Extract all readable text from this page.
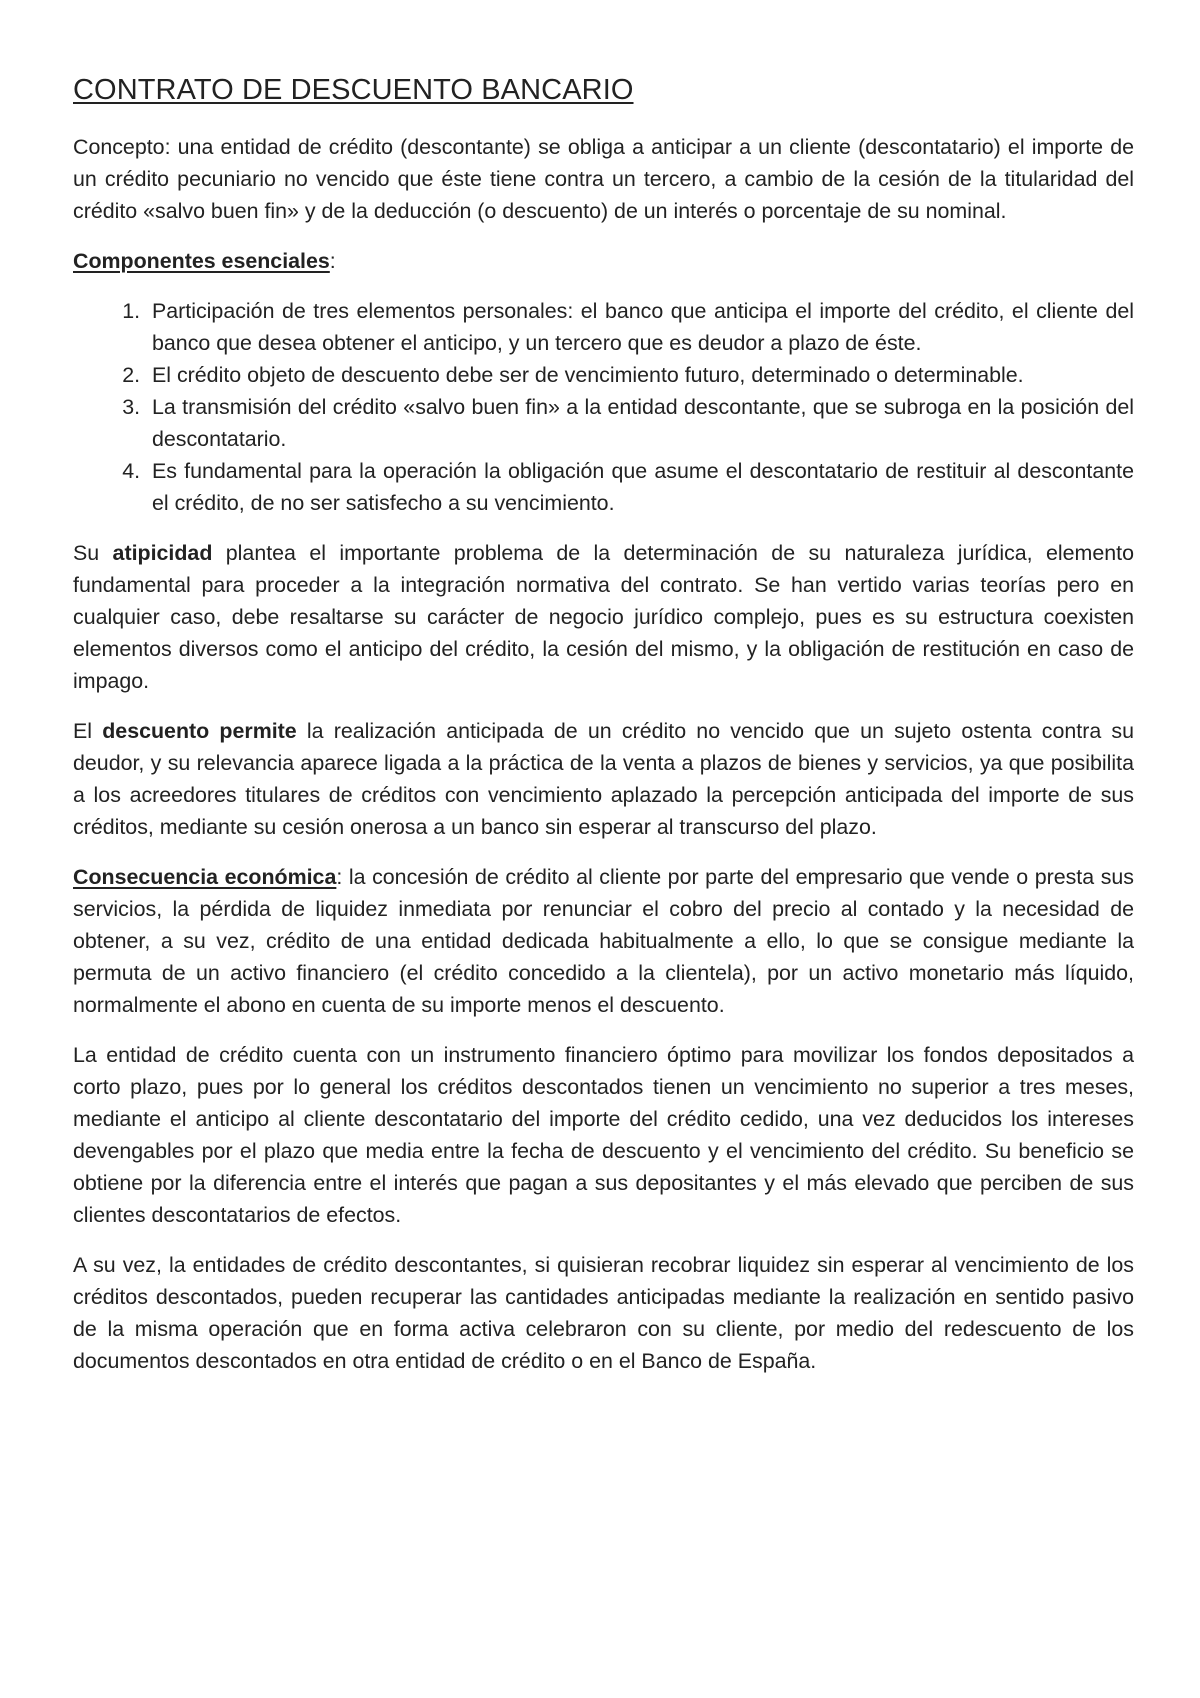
CONTRATO DE DESCUENTO BANCARIO

Concepto: una entidad de crédito (descontante) se obliga a anticipar a un cliente (descontatario) el importe de un crédito pecuniario no vencido que éste tiene contra un tercero, a cambio de la cesión de la titularidad del crédito «salvo buen fin» y de la deducción (o descuento) de un interés o porcentaje de su nominal.

Componentes esenciales:

1. Participación de tres elementos personales: el banco que anticipa el importe del crédito, el cliente del banco que desea obtener el anticipo, y un tercero que es deudor a plazo de éste.
2. El crédito objeto de descuento debe ser de vencimiento futuro, determinado o determinable.
3. La transmisión del crédito «salvo buen fin» a la entidad descontante, que se subroga en la posición del descontatario.
4. Es fundamental para la operación la obligación que asume el descontatario de restituir al descontante el crédito, de no ser satisfecho a su vencimiento.

Su atipicidad plantea el importante problema de la determinación de su naturaleza jurídica, elemento fundamental para proceder a la integración normativa del contrato. Se han vertido varias teorías pero en cualquier caso, debe resaltarse su carácter de negocio jurídico complejo, pues es su estructura coexisten elementos diversos como el anticipo del crédito, la cesión del mismo, y la obligación de restitución en caso de impago.

El descuento permite la realización anticipada de un crédito no vencido que un sujeto ostenta contra su deudor, y su relevancia aparece ligada a la práctica de la venta a plazos de bienes y servicios, ya que posibilita a los acreedores titulares de créditos con vencimiento aplazado la percepción anticipada del importe de sus créditos, mediante su cesión onerosa a un banco sin esperar al transcurso del plazo.

Consecuencia económica: la concesión de crédito al cliente por parte del empresario que vende o presta sus servicios, la pérdida de liquidez inmediata por renunciar el cobro del precio al contado y la necesidad de obtener, a su vez, crédito de una entidad dedicada habitualmente a ello, lo que se consigue mediante la permuta de un activo financiero (el crédito concedido a la clientela), por un activo monetario más líquido, normalmente el abono en cuenta de su importe menos el descuento.

La entidad de crédito cuenta con un instrumento financiero óptimo para movilizar los fondos depositados a corto plazo, pues por lo general los créditos descontados tienen un vencimiento no superior a tres meses, mediante el anticipo al cliente descontatario del importe del crédito cedido, una vez deducidos los intereses devengables por el plazo que media entre la fecha de descuento y el vencimiento del crédito. Su beneficio se obtiene por la diferencia entre el interés que pagan a sus depositantes y el más elevado que perciben de sus clientes descontatarios de efectos.

A su vez, la entidades de crédito descontantes, si quisieran recobrar liquidez sin esperar al vencimiento de los créditos descontados, pueden recuperar las cantidades anticipadas mediante la realización en sentido pasivo de la misma operación que en forma activa celebraron con su cliente, por medio del redescuento de los documentos descontados en otra entidad de crédito o en el Banco de España.
